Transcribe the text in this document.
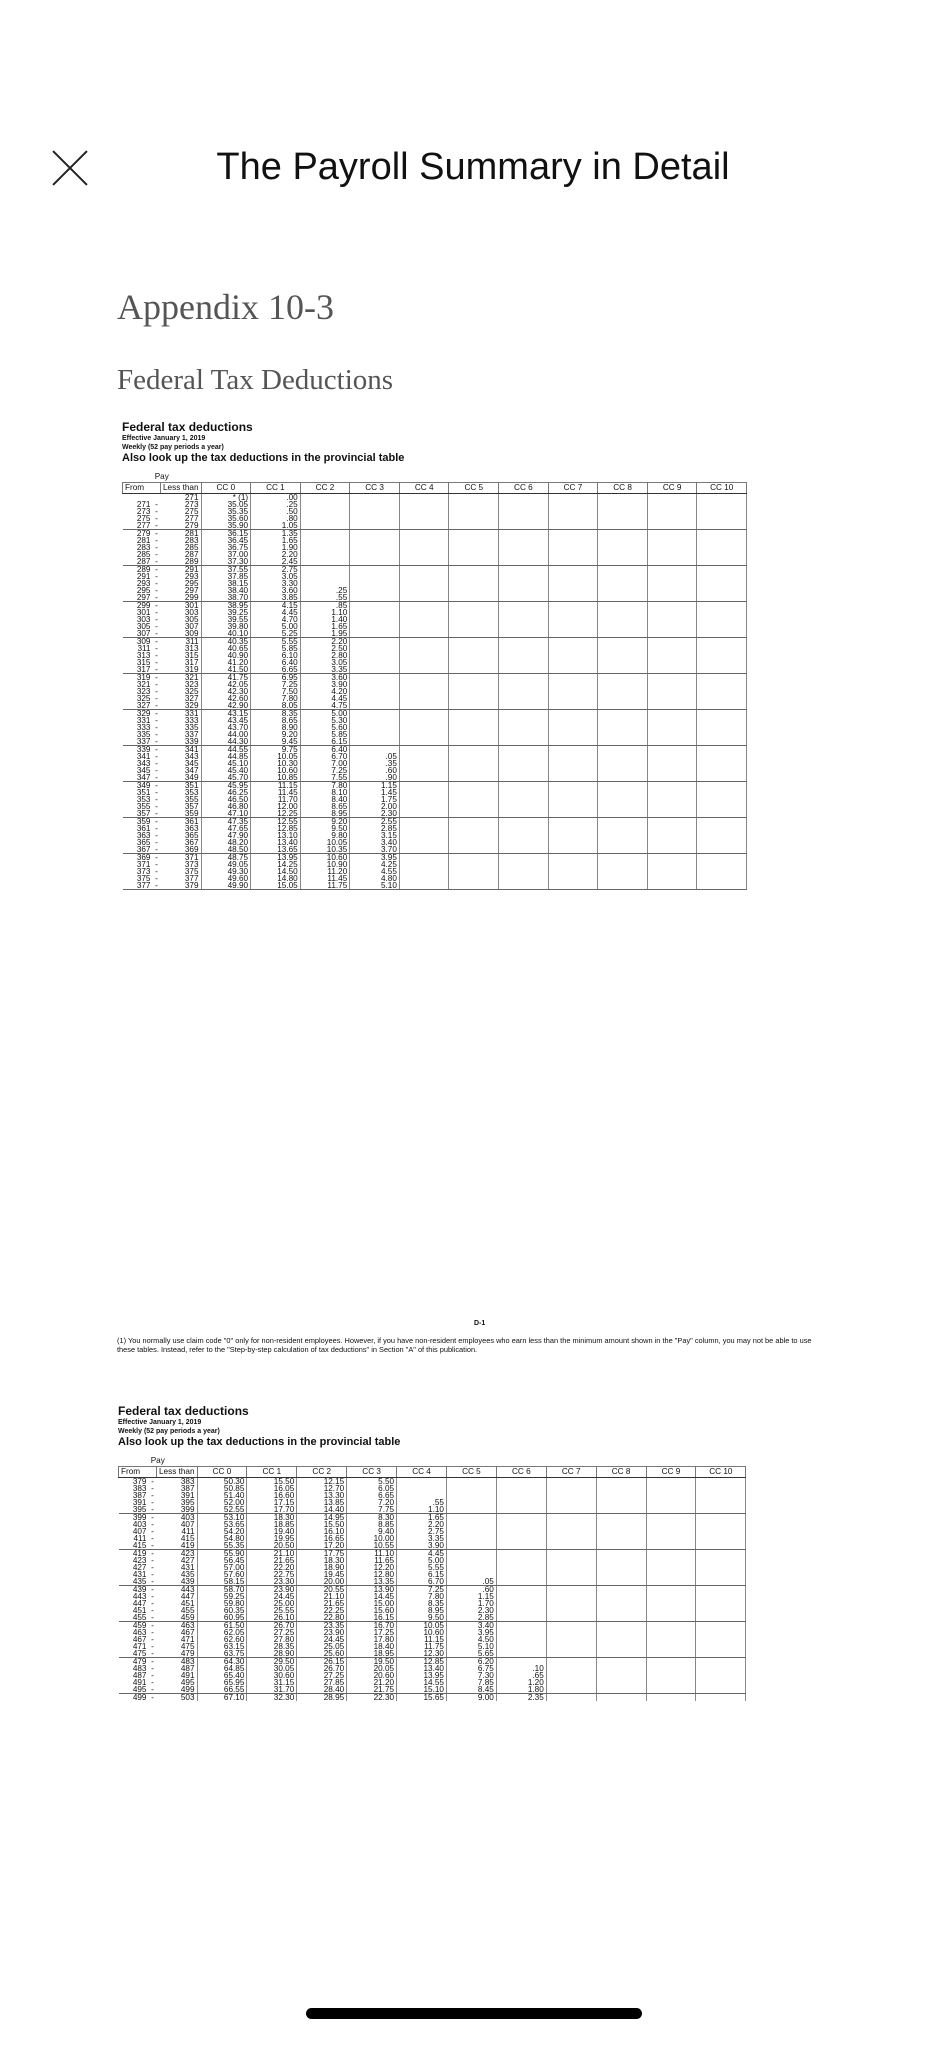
The Payroll Summary in Detail
Appendix 10-3
Federal Tax Deductions
Federal tax deductions
Effective January 1, 2019
Weekly (52 pay periods a year)
Also look up the tax deductions in the provincial table
Pay													
From		Less than	CC 0	CC 1	CC 2	CC 3	CC 4	CC 5	CC 6	CC 7	CC 8	CC 9	CC 10
		271	* (1)	.00									
271	-	273	35.05	.25									
273	-	275	35.35	.50									
275	-	277	35.60	.80									
277	-	279	35.90	1.05									
279	-	281	36.15	1.35									
281	-	283	36.45	1.65									
283	-	285	36.75	1.90									
285	-	287	37.00	2.20									
287	-	289	37.30	2.45									
289	-	291	37.55	2.75									
291	-	293	37.85	3.05									
293	-	295	38.15	3.30									
295	-	297	38.40	3.60	.25								
297	-	299	38.70	3.85	.55								
299	-	301	38.95	4.15	.85								
301	-	303	39.25	4.45	1.10								
303	-	305	39.55	4.70	1.40								
305	-	307	39.80	5.00	1.65								
307	-	309	40.10	5.25	1.95								
309	-	311	40.35	5.55	2.20								
311	-	313	40.65	5.85	2.50								
313	-	315	40.90	6.10	2.80								
315	-	317	41.20	6.40	3.05								
317	-	319	41.50	6.65	3.35								
319	-	321	41.75	6.95	3.60								
321	-	323	42.05	7.25	3.90								
323	-	325	42.30	7.50	4.20								
325	-	327	42.60	7.80	4.45								
327	-	329	42.90	8.05	4.75								
329	-	331	43.15	8.35	5.00								
331	-	333	43.45	8.65	5.30								
333	-	335	43.70	8.90	5.60								
335	-	337	44.00	9.20	5.85								
337	-	339	44.30	9.45	6.15								
339	-	341	44.55	9.75	6.40								
341	-	343	44.85	10.05	6.70	.05							
343	-	345	45.10	10.30	7.00	.35							
345	-	347	45.40	10.60	7.25	.60							
347	-	349	45.70	10.85	7.55	.90							
349	-	351	45.95	11.15	7.80	1.15							
351	-	353	46.25	11.45	8.10	1.45							
353	-	355	46.50	11.70	8.40	1.75							
355	-	357	46.80	12.00	8.65	2.00							
357	-	359	47.10	12.25	8.95	2.30							
359	-	361	47.35	12.55	9.20	2.55							
361	-	363	47.65	12.85	9.50	2.85							
363	-	365	47.90	13.10	9.80	3.15							
365	-	367	48.20	13.40	10.05	3.40							
367	-	369	48.50	13.65	10.35	3.70							
369	-	371	48.75	13.95	10.60	3.95							
371	-	373	49.05	14.25	10.90	4.25							
373	-	375	49.30	14.50	11.20	4.55							
375	-	377	49.60	14.80	11.45	4.80							
377	-	379	49.90	15.05	11.75	5.10							
D-1
(1) You normally use claim code "0" only for non-resident employees. However, if you have non-resident employees who earn less than the minimum amount shown in the "Pay" column, you may not be able to use these tables. Instead, refer to the "Step-by-step calculation of tax deductions" in Section "A" of this publication.
Federal tax deductions
Effective January 1, 2019
Weekly (52 pay periods a year)
Also look up the tax deductions in the provincial table
Pay													
From		Less than	CC 0	CC 1	CC 2	CC 3	CC 4	CC 5	CC 6	CC 7	CC 8	CC 9	CC 10
379	-	383	50.30	15.50	12.15	5.50							
383	-	387	50.85	16.05	12.70	6.05							
387	-	391	51.40	16.60	13.30	6.65							
391	-	395	52.00	17.15	13.85	7.20	.55						
395	-	399	52.55	17.70	14.40	7.75	1.10						
399	-	403	53.10	18.30	14.95	8.30	1.65						
403	-	407	53.65	18.85	15.50	8.85	2.20						
407	-	411	54.20	19.40	16.10	9.40	2.75						
411	-	415	54.80	19.95	16.65	10.00	3.35						
415	-	419	55.35	20.50	17.20	10.55	3.90						
419	-	423	55.90	21.10	17.75	11.10	4.45						
423	-	427	56.45	21.65	18.30	11.65	5.00						
427	-	431	57.00	22.20	18.90	12.20	5.55						
431	-	435	57.60	22.75	19.45	12.80	6.15						
435	-	439	58.15	23.30	20.00	13.35	6.70	.05					
439	-	443	58.70	23.90	20.55	13.90	7.25	.60					
443	-	447	59.25	24.45	21.10	14.45	7.80	1.15					
447	-	451	59.80	25.00	21.65	15.00	8.35	1.70					
451	-	455	60.35	25.55	22.25	15.60	8.95	2.30					
455	-	459	60.95	26.10	22.80	16.15	9.50	2.85					
459	-	463	61.50	26.70	23.35	16.70	10.05	3.40					
463	-	467	62.05	27.25	23.90	17.25	10.60	3.95					
467	-	471	62.60	27.80	24.45	17.80	11.15	4.50					
471	-	475	63.15	28.35	25.05	18.40	11.75	5.10					
475	-	479	63.75	28.90	25.60	18.95	12.30	5.65					
479	-	483	64.30	29.50	26.15	19.50	12.85	6.20					
483	-	487	64.85	30.05	26.70	20.05	13.40	6.75	.10				
487	-	491	65.40	30.60	27.25	20.60	13.95	7.30	.65				
491	-	495	65.95	31.15	27.85	21.20	14.55	7.85	1.20				
495	-	499	66.55	31.70	28.40	21.75	15.10	8.45	1.80				
499	-	503	67.10	32.30	28.95	22.30	15.65	9.00	2.35				
